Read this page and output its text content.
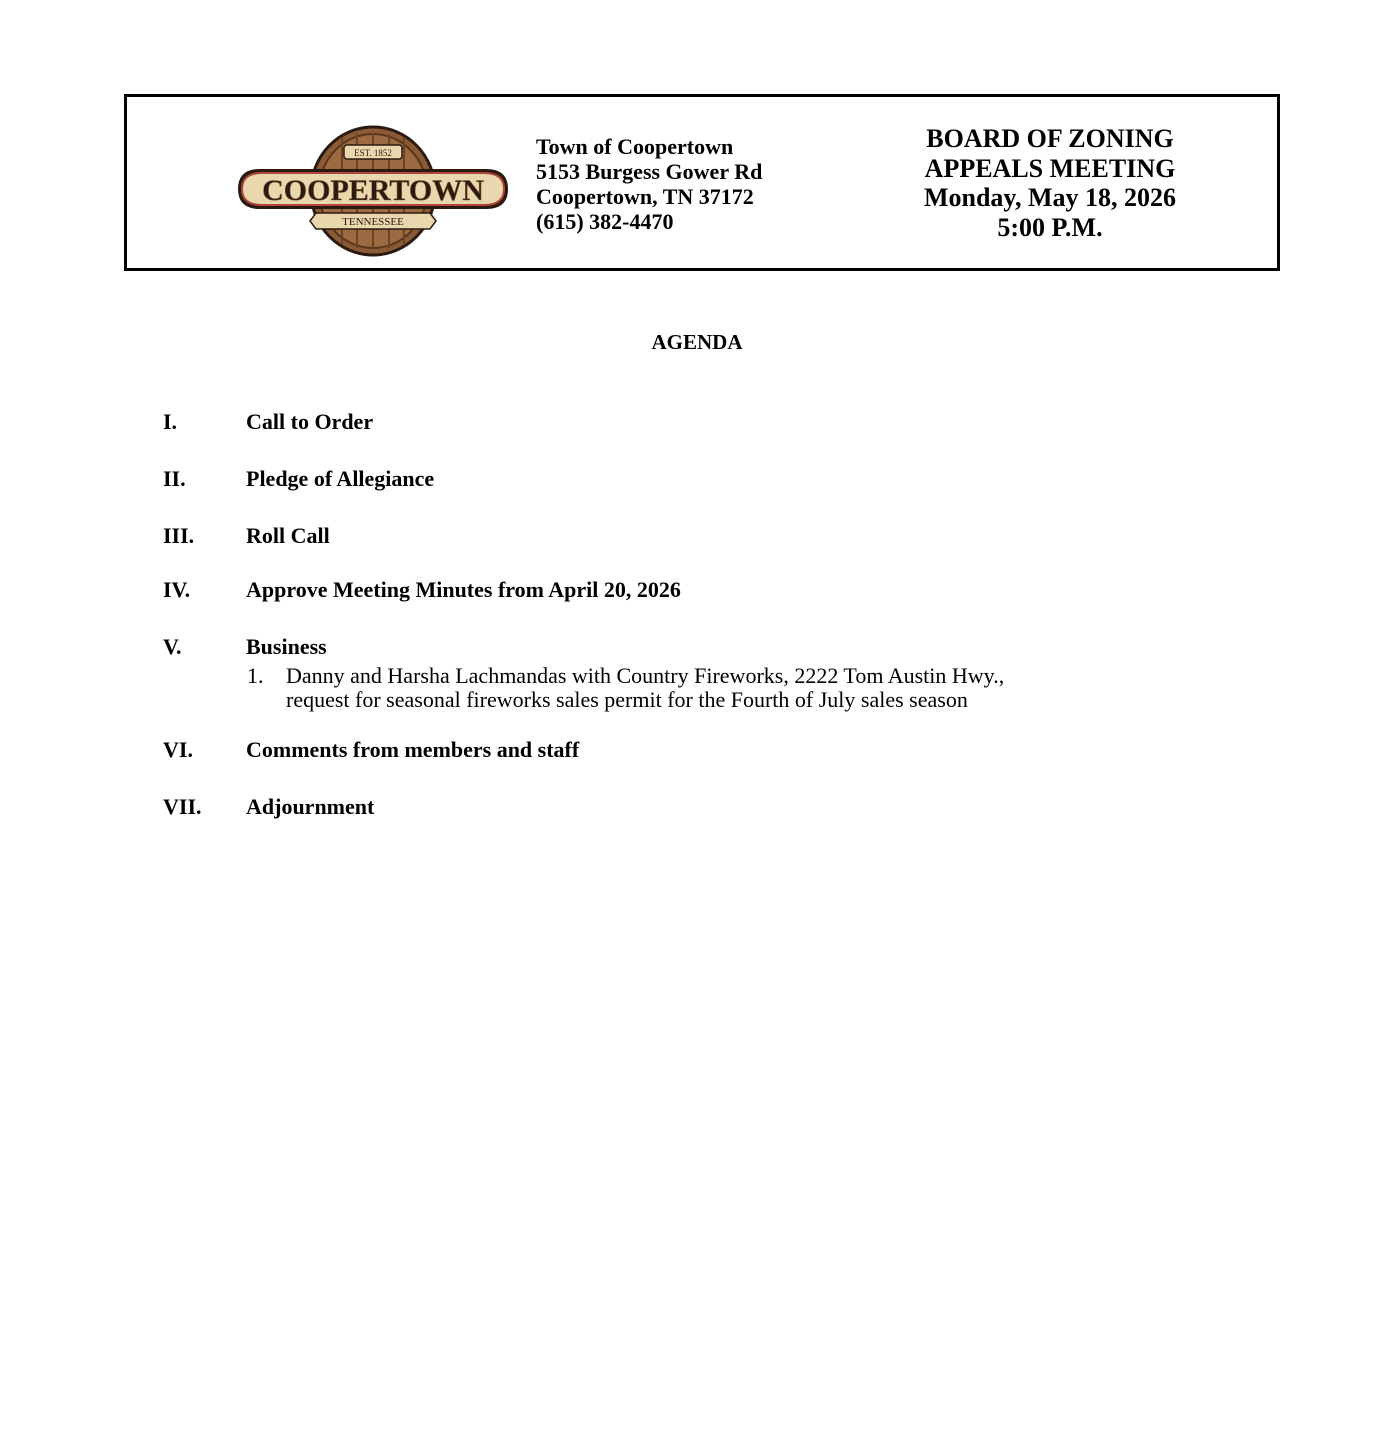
EST. 1852
COOPERTOWN
TENNESSEE
Town of Coopertown
5153 Burgess Gower Rd
Coopertown, TN 37172
(615) 382-4470
BOARD OF ZONING
APPEALS MEETING
Monday, May 18, 2026
5:00 P.M.
AGENDA
I.	Call to Order
II.	Pledge of Allegiance
III. Roll Call
IV.	Approve Meeting Minutes from April 20, 2026
V.	Business
1. Danny and Harsha Lachmandas with Country Fireworks, 2222 Tom Austin Hwy.,
request for seasonal fireworks sales permit for the Fourth of July sales season
VI. Comments from members and staff
VII. Adjournment
